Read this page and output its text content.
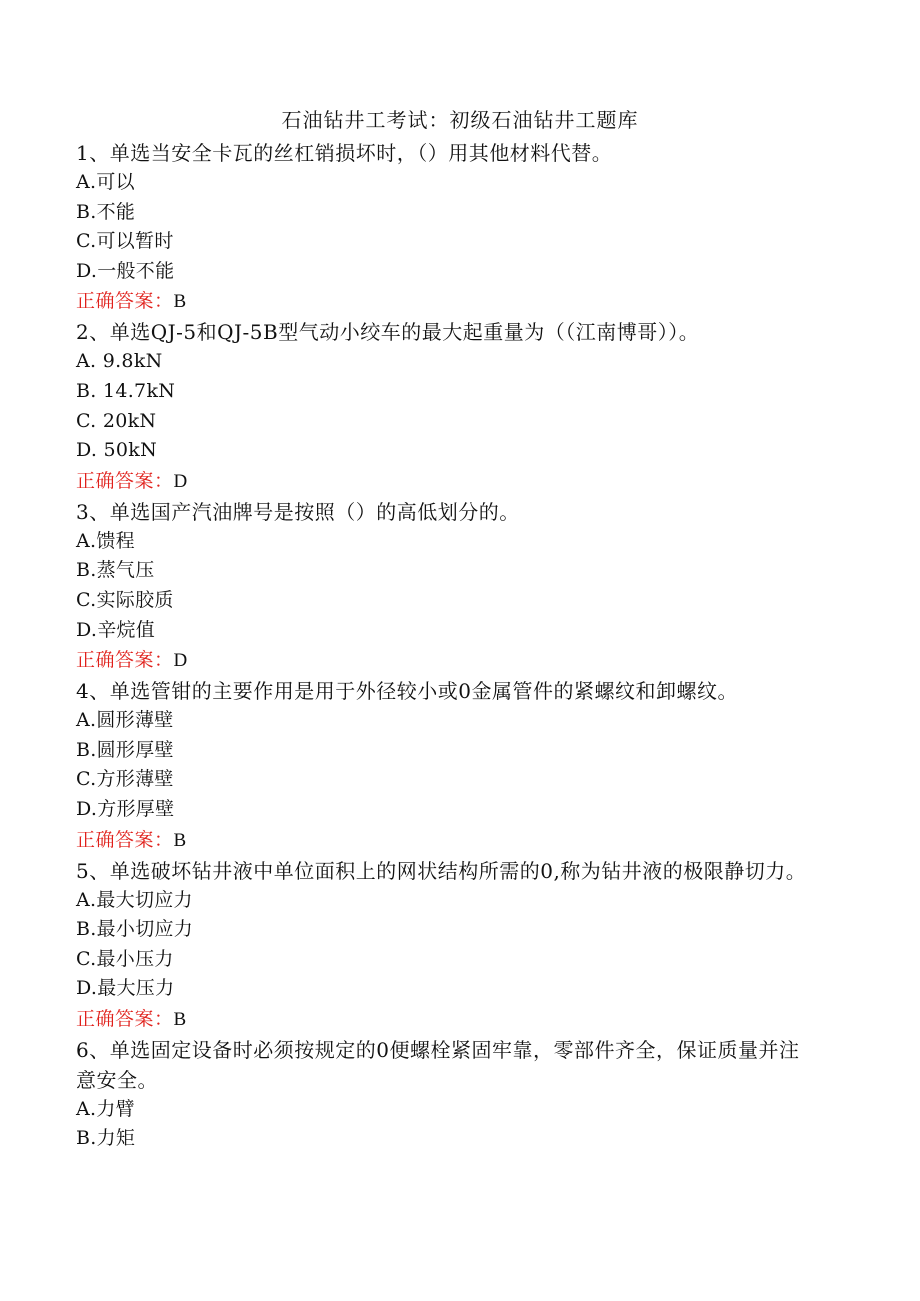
石油钻井工考试：初级石油钻井工题库

1、单选当安全卡瓦的丝杠销损坏时，（）用其他材料代替。

A.可以

B.不能

C.可以暂时

D.一般不能

正确答案：B

2、单选QJ-5和QJ-5B型气动小绞车的最大起重量为（（江南博哥））。

A. 9.8kN

B. 14.7kN

C. 20kN

D. 50kN

正确答案：D

3、单选国产汽油牌号是按照（）的高低划分的。

A.馈程

B.蒸气压

C.实际胶质

D.辛烷值

正确答案：D

4、单选管钳的主要作用是用于外径较小或0金属管件的紧螺纹和卸螺纹。

A.圆形薄壁

B.圆形厚壁

C.方形薄壁

D.方形厚壁

正确答案：B

5、单选破坏钻井液中单位面积上的网状结构所需的0,称为钻井液的极限静切力。

A.最大切应力

B.最小切应力

C.最小压力

D.最大压力

正确答案：B

6、单选固定设备时必须按规定的0便螺栓紧固牢靠，零部件齐全，保证质量并注意安全。

A.力臂

B.力矩
